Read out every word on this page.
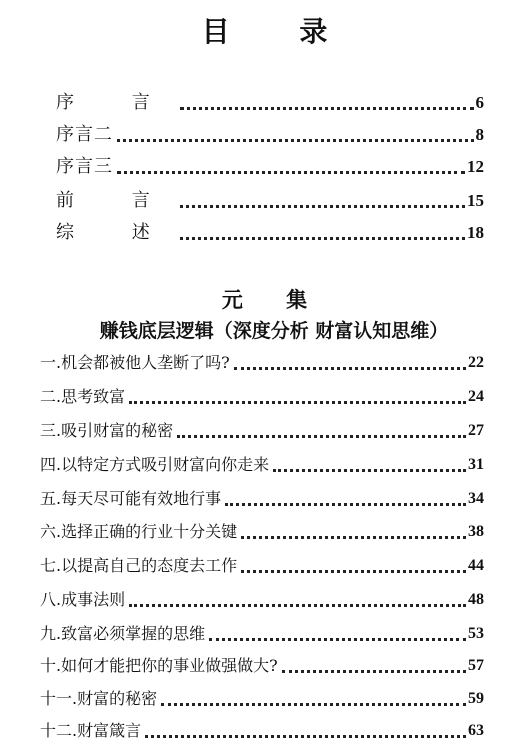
目 录
序 言	6
序言二	8
序言三	12
前 言	15
综 述	18
元 集
赚钱底层逻辑（深度分析 财富认知思维）
一.机会都被他人垄断了吗?	22
二.思考致富	24
三.吸引财富的秘密	27
四.以特定方式吸引财富向你走来	31
五.每天尽可能有效地行事	34
六.选择正确的行业十分关键	38
七.以提高自己的态度去工作	44
八.成事法则	48
九.致富必须掌握的思维	53
十.如何才能把你的事业做强做大?	57
十一.财富的秘密	59
十二.财富箴言	63
